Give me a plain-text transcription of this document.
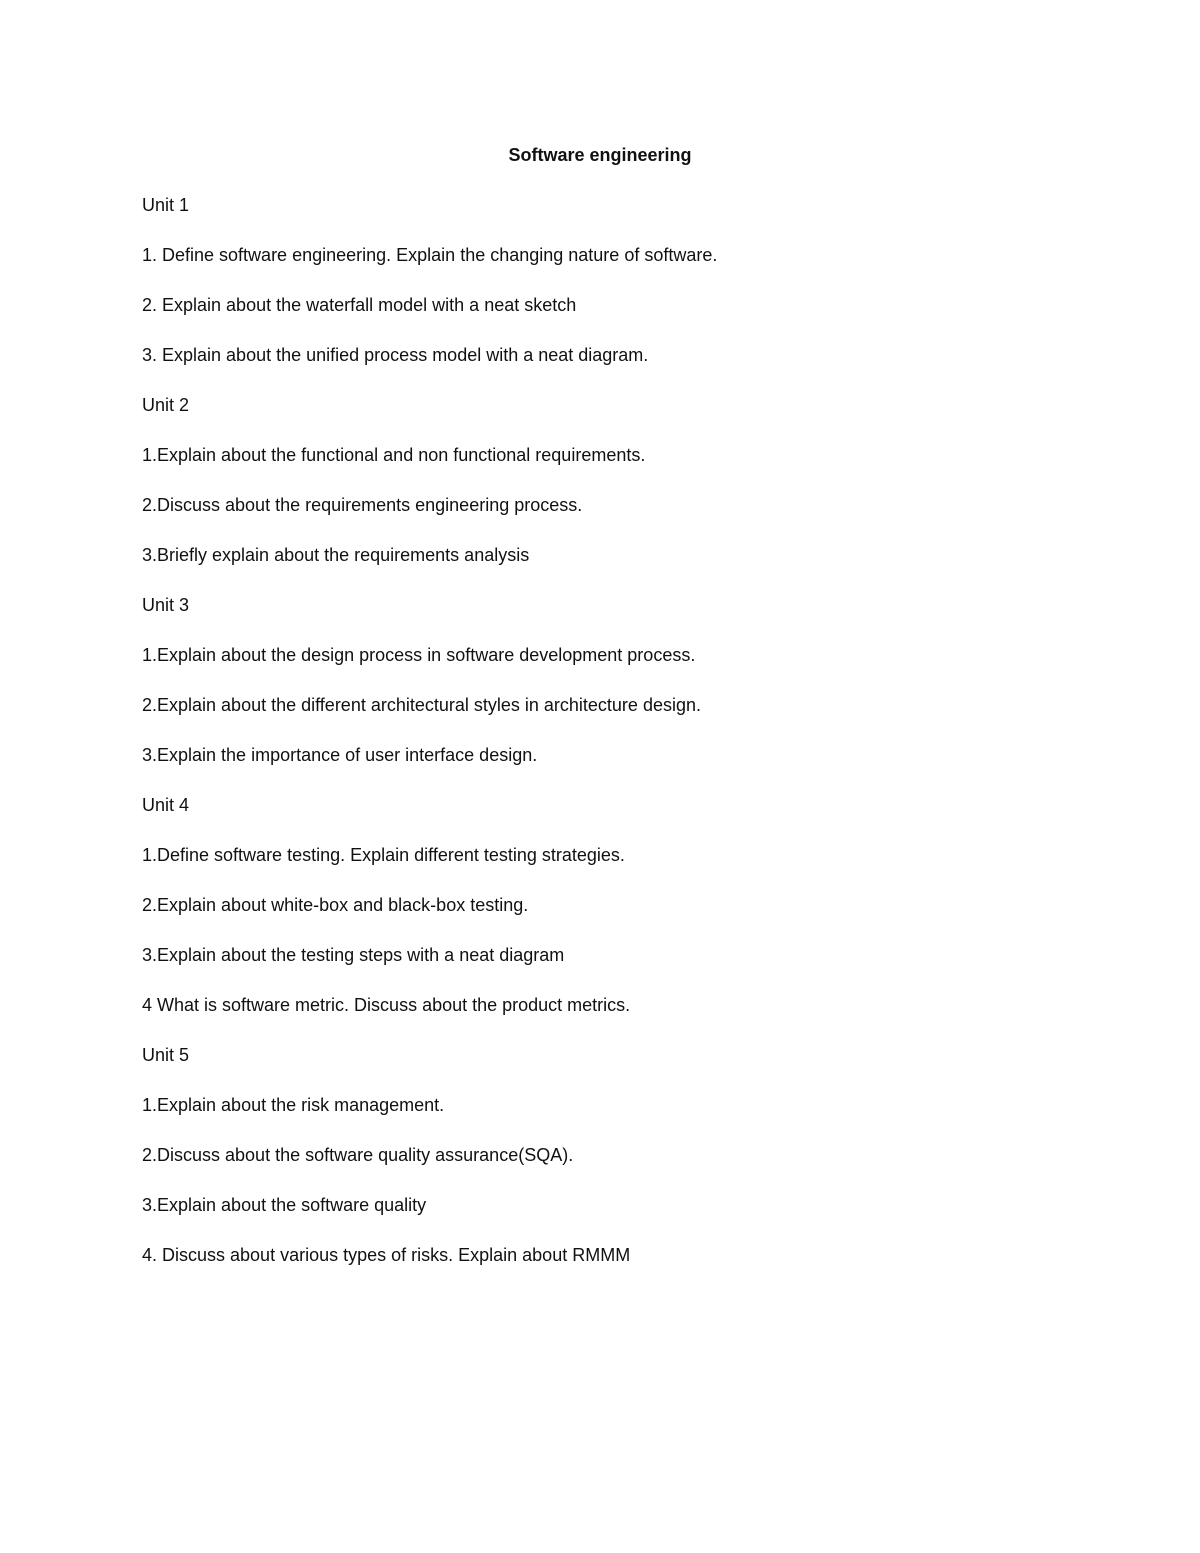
Software engineering
Unit 1
1. Define software engineering. Explain the changing nature of software.
2. Explain about the waterfall model with a neat sketch
3. Explain about the unified process model with a neat diagram.
Unit 2
1.Explain about the functional and non functional requirements.
2.Discuss about the requirements engineering process.
3.Briefly explain about the requirements analysis
Unit 3
1.Explain about the design process in software development process.
2.Explain about the different architectural styles in architecture design.
3.Explain the importance of user interface design.
Unit 4
1.Define software testing. Explain different testing strategies.
2.Explain about white-box and black-box testing.
3.Explain about the testing steps with a neat diagram
4 What is software metric. Discuss about the product metrics.
Unit 5
1.Explain about the risk management.
2.Discuss about the software quality assurance(SQA).
3.Explain about the software quality
4. Discuss about various types of risks. Explain about RMMM
